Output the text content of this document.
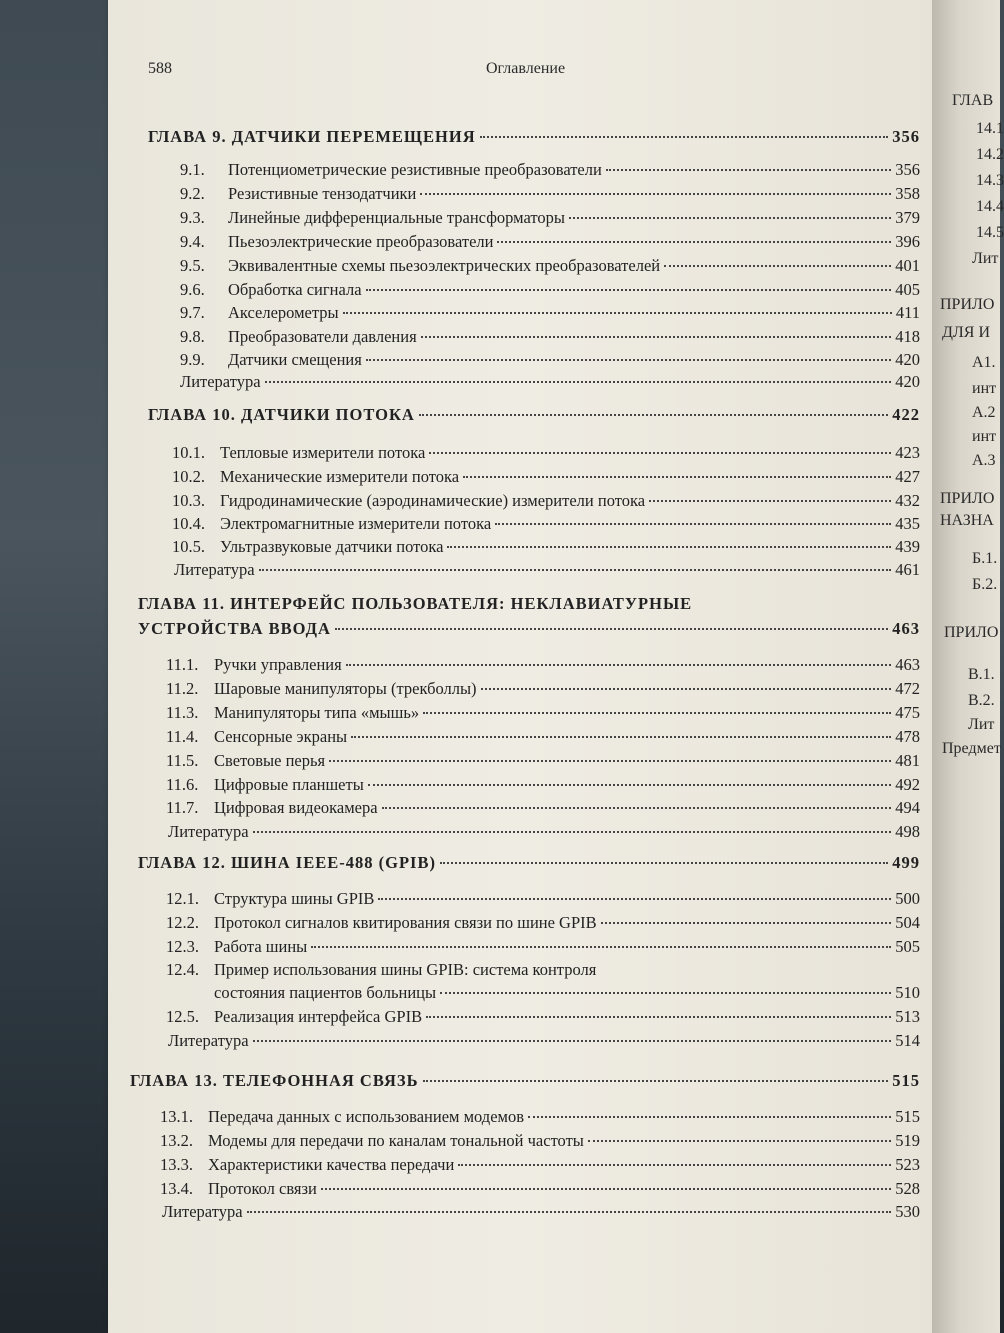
588	Оглавление
ГЛАВА 9. ДАТЧИКИ ПЕРЕМЕЩЕНИЯ	356
9.1. Потенциометрические резистивные преобразователи	356
9.2. Резистивные тензодатчики	358
9.3. Линейные дифференциальные трансформаторы	379
9.4. Пьезоэлектрические преобразователи	396
9.5. Эквивалентные схемы пьезоэлектрических преобразователей	401
9.6. Обработка сигнала	405
9.7. Акселерометры	411
9.8. Преобразователи давления	418
9.9. Датчики смещения	420
Литература	420
ГЛАВА 10. ДАТЧИКИ ПОТОКА	422
10.1. Тепловые измерители потока	423
10.2. Механические измерители потока	427
10.3. Гидродинамические (аэродинамические) измерители потока	432
10.4. Электромагнитные измерители потока	435
10.5. Ультразвуковые датчики потока	439
Литература	461
ГЛАВА 11. ИНТЕРФЕЙС ПОЛЬЗОВАТЕЛЯ: НЕКЛАВИАТУРНЫЕ
УСТРОЙСТВА ВВОДА	463
11.1. Ручки управления	463
11.2. Шаровые манипуляторы (трекболлы)	472
11.3. Манипуляторы типа «мышь»	475
11.4. Сенсорные экраны	478
11.5. Световые перья	481
11.6. Цифровые планшеты	492
11.7. Цифровая видеокамера	494
Литература	498
ГЛАВА 12. ШИНА IEEE-488 (GPIB)	499
12.1. Структура шины GPIB	500
12.2. Протокол сигналов квитирования связи по шине GPIB	504
12.3. Работа шины	505
12.4. Пример использования шины GPIB: система контроля
состояния пациентов больницы	510
12.5. Реализация интерфейса GPIB	513
Литература	514
ГЛАВА 13. ТЕЛЕФОННАЯ СВЯЗЬ	515
13.1. Передача данных с использованием модемов	515
13.2. Модемы для передачи по каналам тональной частоты	519
13.3. Характеристики качества передачи	523
13.4. Протокол связи	528
Литература	530
ГЛАВ
14.1
14.2
14.3
14.4
14.5
Лит
ПРИЛО
ДЛЯ И
А1.
инт
А.2
инт
А.3
ПРИЛО
НАЗНА
Б.1.
Б.2.
ПРИЛО
В.1.
В.2.
Лит
Предмет
